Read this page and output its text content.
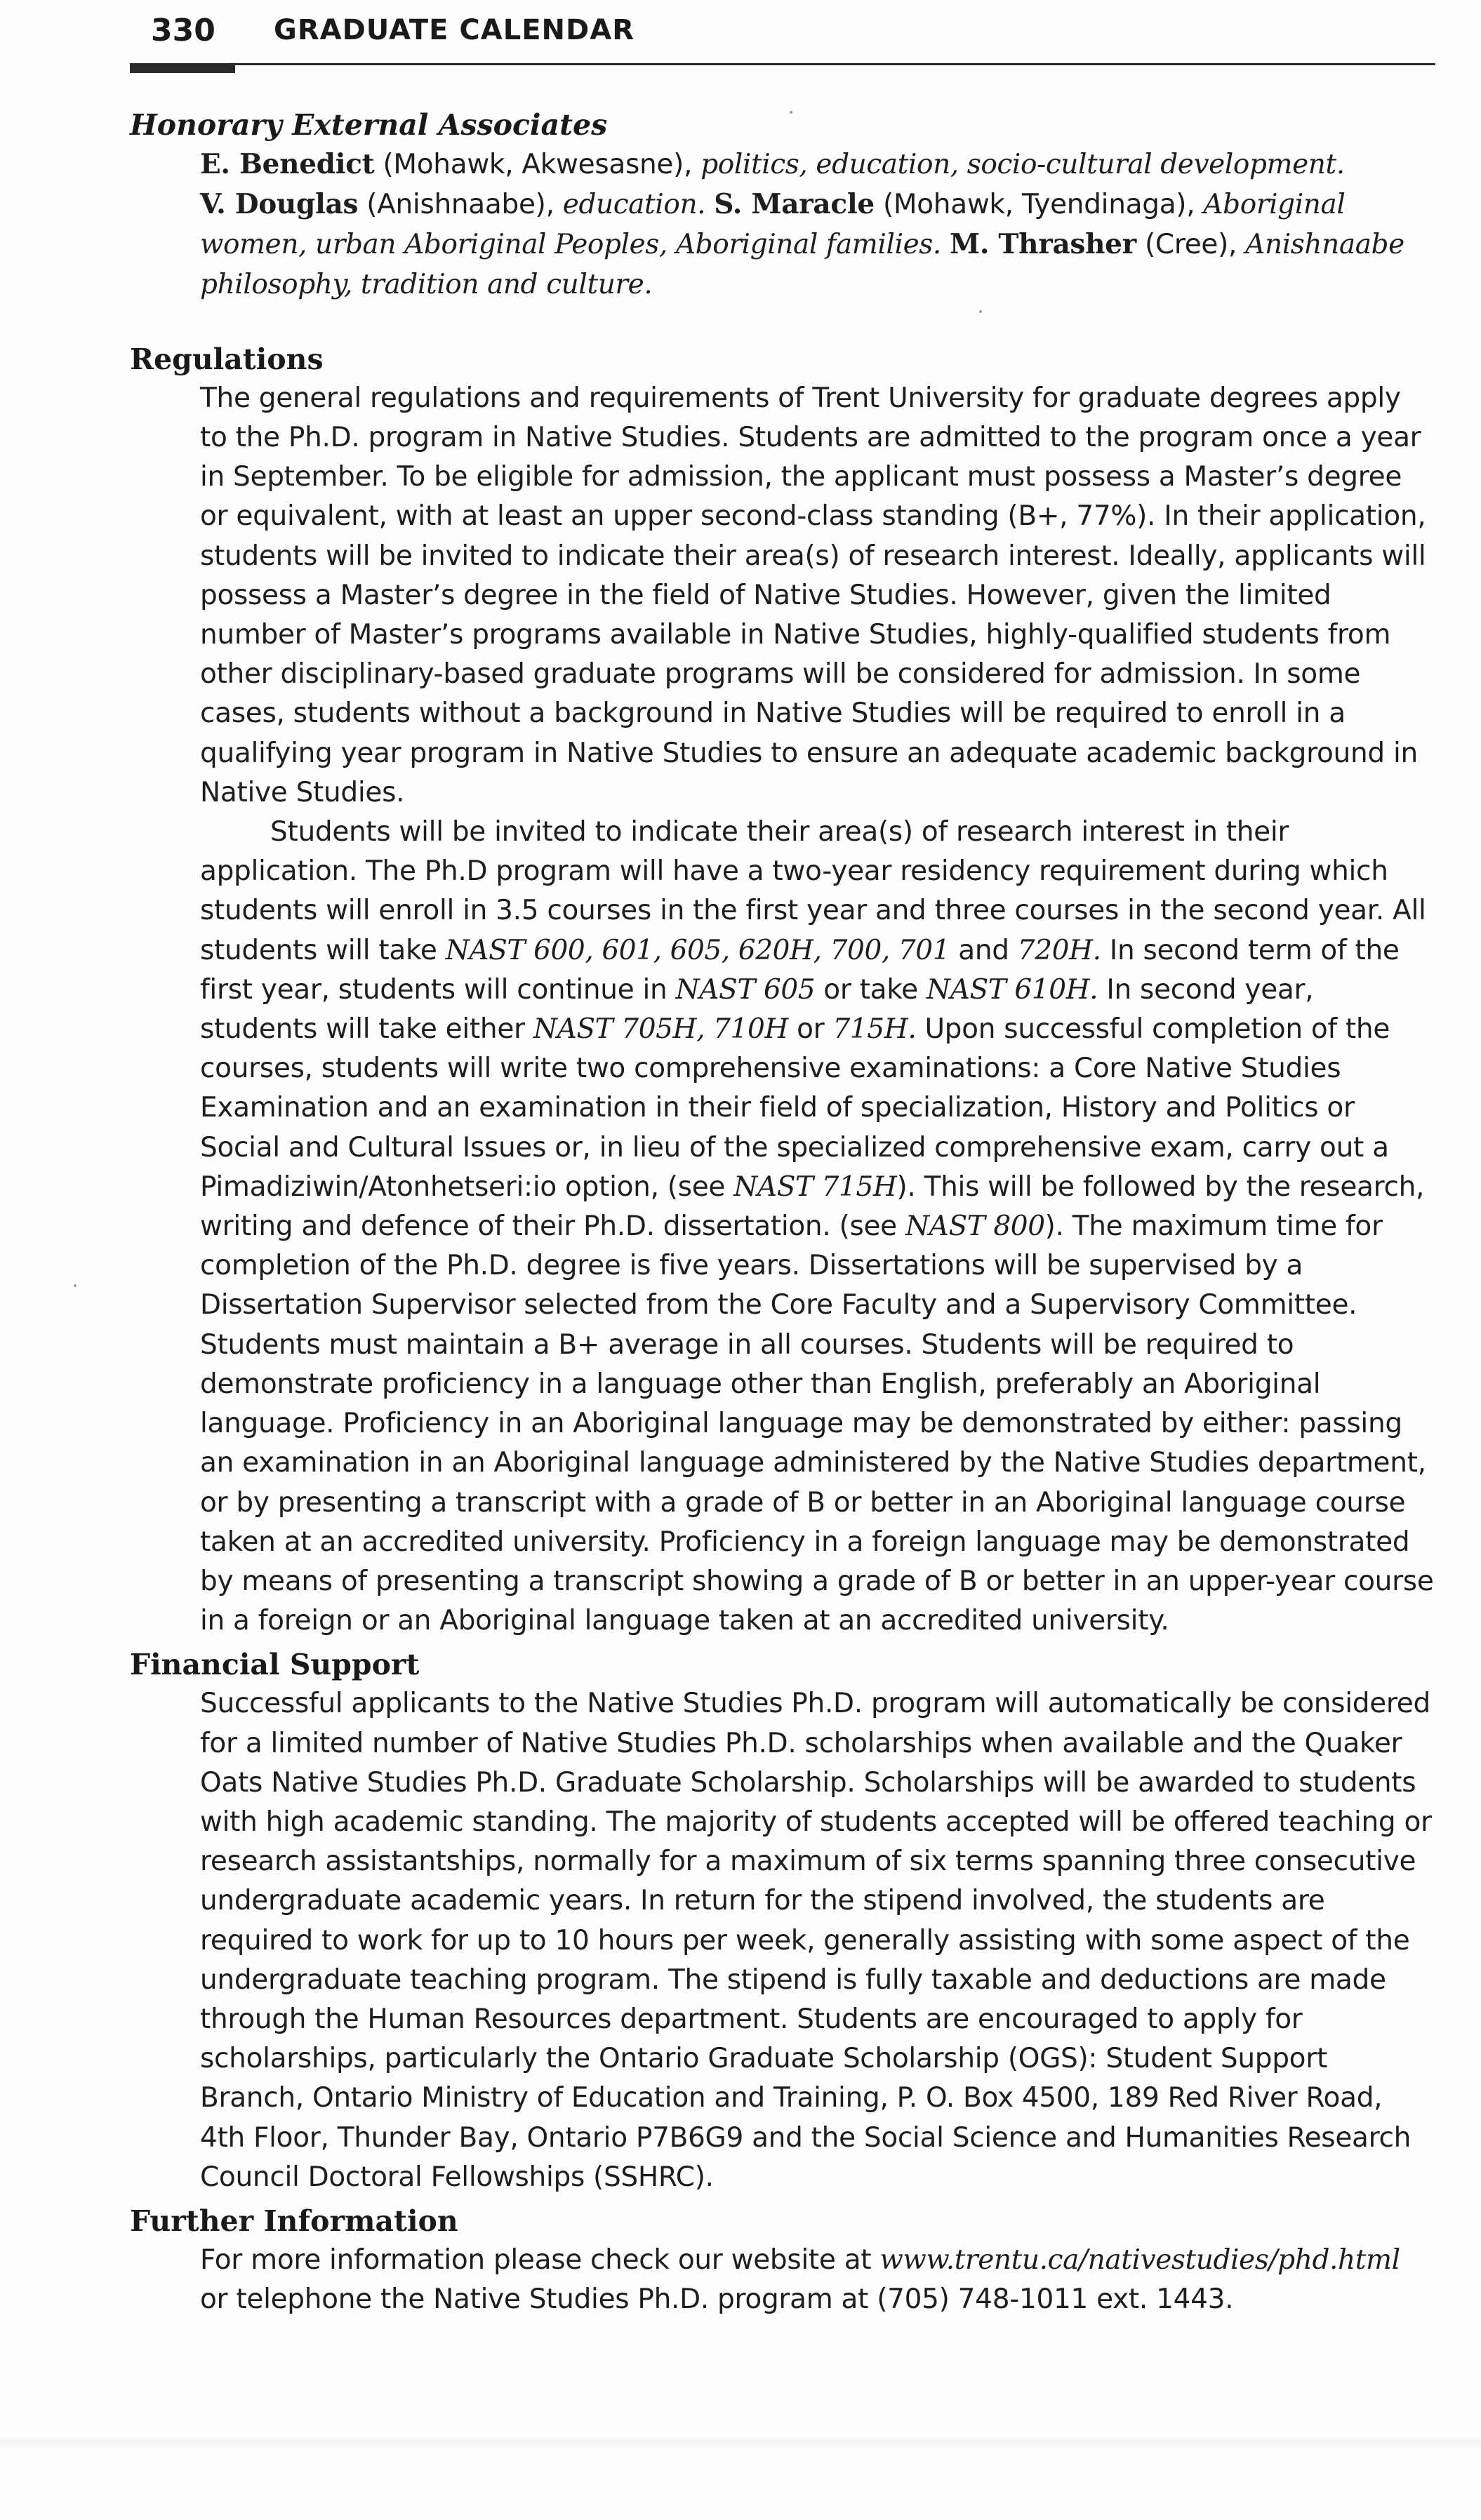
330 GRADUATE CALENDAR
Honorary External Associates

E. Benedict (Mohawk, Akwesasne), politics, education, socio-cultural development.
V. Douglas (Anishnaabe), education. S. Maracle (Mohawk, Tyendinaga), Aboriginal women, urban Aboriginal Peoples, Aboriginal families. M. Thrasher (Cree), Anishnaabe philosophy, tradition and culture.

Regulations

The general regulations and requirements of Trent University for graduate degrees apply to the Ph.D. program in Native Studies. Students are admitted to the program once a year in September. To be eligible for admission, the applicant must possess a Master’s degree or equivalent, with at least an upper second-class standing (B+, 77%). In their application, students will be invited to indicate their area(s) of research interest. Ideally, applicants will possess a Master’s degree in the field of Native Studies. However, given the limited number of Master’s programs available in Native Studies, highly-qualified students from other disciplinary-based graduate programs will be considered for admission. In some cases, students without a background in Native Studies will be required to enroll in a qualifying year program in Native Studies to ensure an adequate academic background in Native Studies.

Students will be invited to indicate their area(s) of research interest in their application. The Ph.D program will have a two-year residency requirement during which students will enroll in 3.5 courses in the first year and three courses in the second year. All students will take NAST 600, 601, 605, 620H, 700, 701 and 720H. In second term of the first year, students will continue in NAST 605 or take NAST 610H. In second year, students will take either NAST 705H, 710H or 715H. Upon successful completion of the courses, students will write two comprehensive examinations: a Core Native Studies Examination and an examination in their field of specialization, History and Politics or Social and Cultural Issues or, in lieu of the specialized comprehensive exam, carry out a Pimadiziwin/Atonhetseri:io option, (see NAST 715H). This will be followed by the research, writing and defence of their Ph.D. dissertation. (see NAST 800). The maximum time for completion of the Ph.D. degree is five years. Dissertations will be supervised by a Dissertation Supervisor selected from the Core Faculty and a Supervisory Committee. Students must maintain a B+ average in all courses. Students will be required to demonstrate proficiency in a language other than English, preferably an Aboriginal language. Proficiency in an Aboriginal language may be demonstrated by either: passing an examination in an Aboriginal language administered by the Native Studies department, or by presenting a transcript with a grade of B or better in an Aboriginal language course taken at an accredited university. Proficiency in a foreign language may be demonstrated by means of presenting a transcript showing a grade of B or better in an upper-year course in a foreign or an Aboriginal language taken at an accredited university.

Financial Support

Successful applicants to the Native Studies Ph.D. program will automatically be considered for a limited number of Native Studies Ph.D. scholarships when available and the Quaker Oats Native Studies Ph.D. Graduate Scholarship. Scholarships will be awarded to students with high academic standing. The majority of students accepted will be offered teaching or research assistantships, normally for a maximum of six terms spanning three consecutive undergraduate academic years. In return for the stipend involved, the students are required to work for up to 10 hours per week, generally assisting with some aspect of the undergraduate teaching program. The stipend is fully taxable and deductions are made through the Human Resources department. Students are encouraged to apply for scholarships, particularly the Ontario Graduate Scholarship (OGS): Student Support Branch, Ontario Ministry of Education and Training, P. O. Box 4500, 189 Red River Road, 4th Floor, Thunder Bay, Ontario P7B6G9 and the Social Science and Humanities Research Council Doctoral Fellowships (SSHRC).

Further Information

For more information please check our website at www.trentu.ca/nativestudies/phd.html or telephone the Native Studies Ph.D. program at (705) 748-1011 ext. 1443.
